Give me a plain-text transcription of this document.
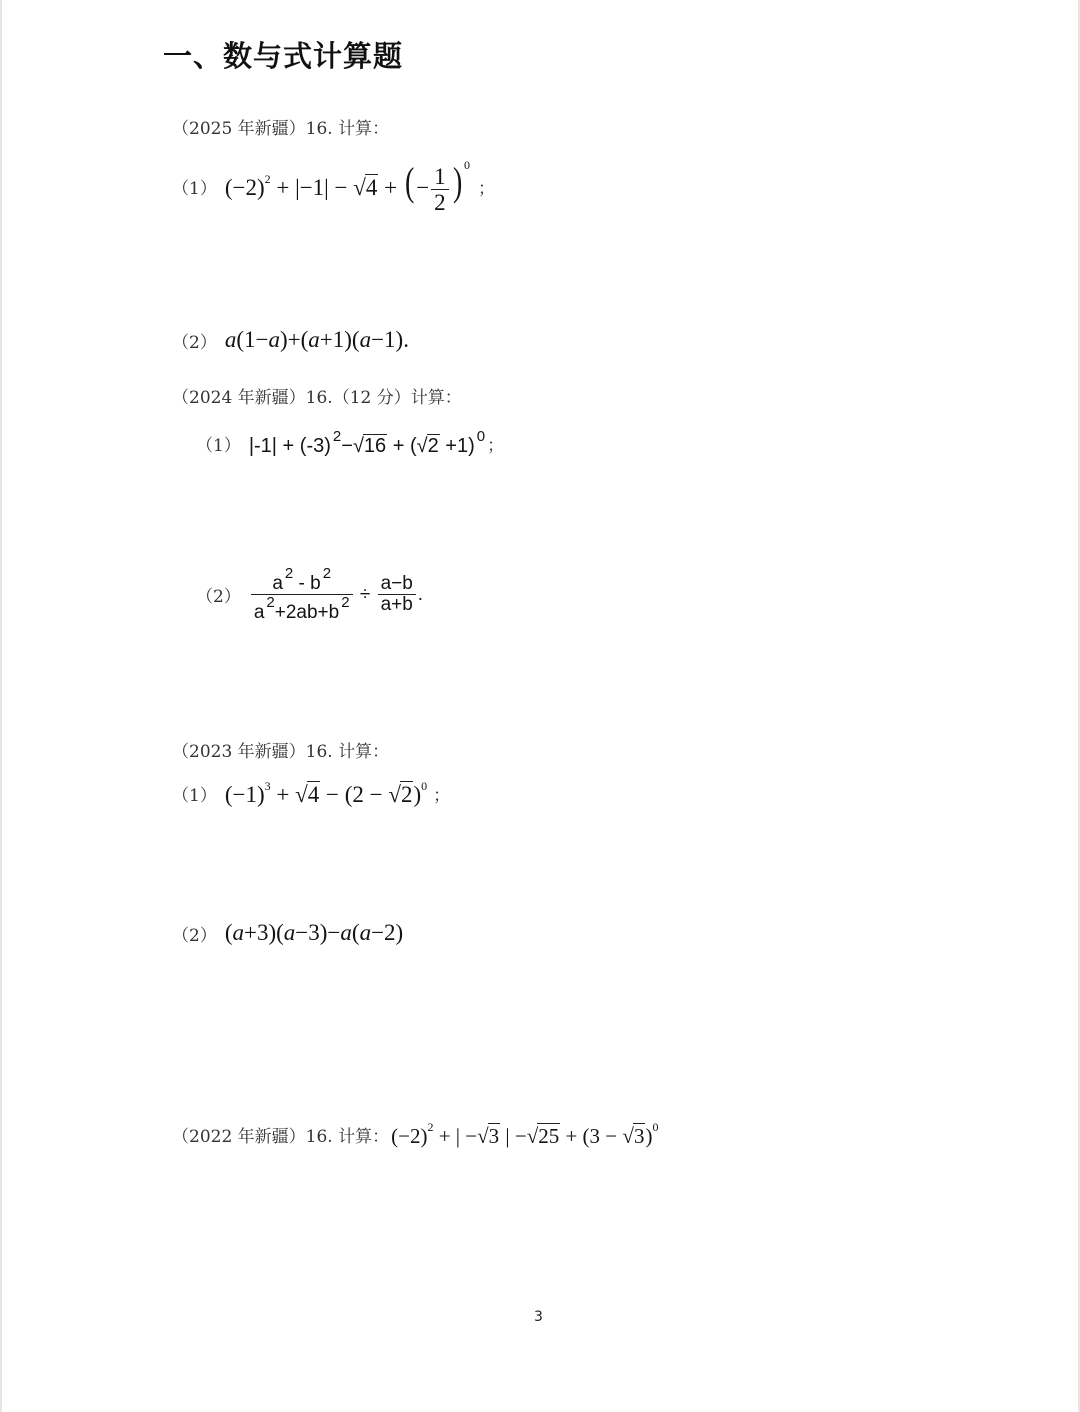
一、数与式计算题
（2025 年新疆）16. 计算：
（1） $(-2)^2 + |-1| - √4$ + (− $\frac{1}{2}$ ) $^0$
；
（2） a(1−a)+(a+1)(a−1) .
（2024 年新疆）16.（12 分）计算：
（1） |-1| + (-3) $^2$−√16 + (√2 +1) $^0$ ；
$(2) \frac{a ^2 - b ^2}{a ^2+2ab+b ^2} \div \frac{a-b}{a+b}$ .
（2023 年新疆）16. 计算：
（1） $(-1)^3 + √4 - (2 - √2)^0$ ；
（2） (a+3)(a−3)−a(a−2)
（2022 年新疆）16. 计算： $(-2)^2$ + | −√3 | $-√25 + (3 - √3)^0$
3
